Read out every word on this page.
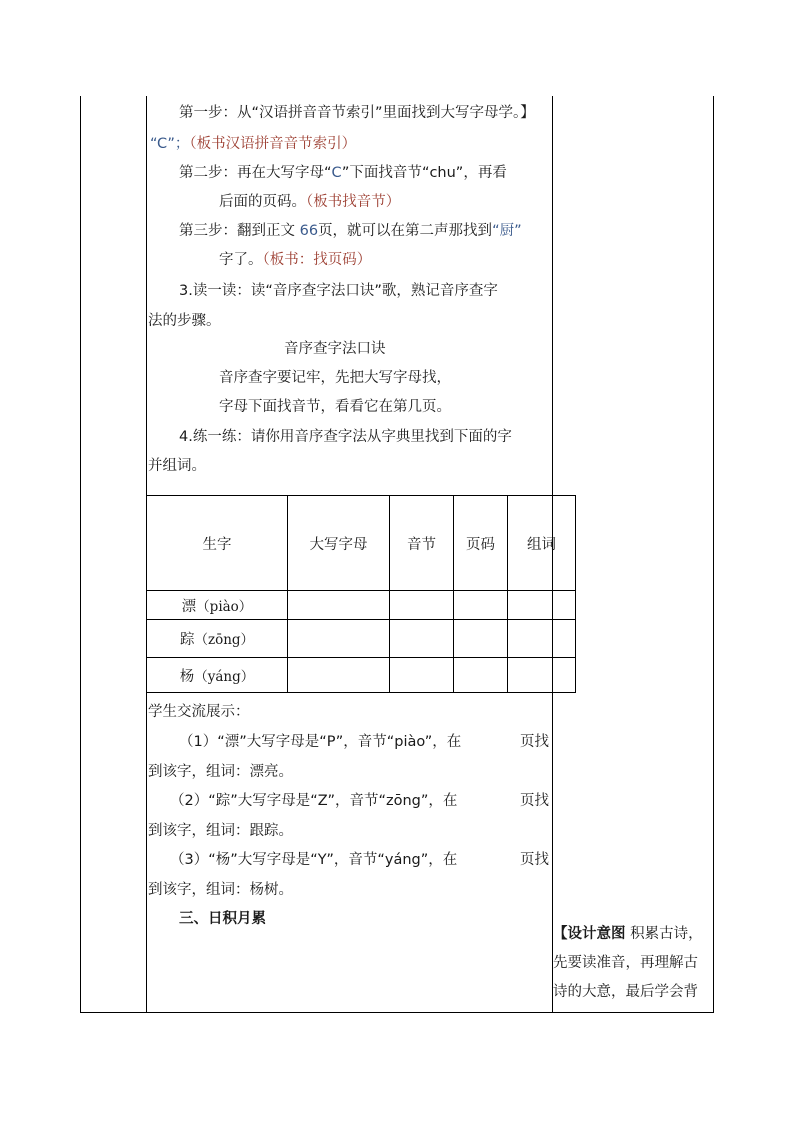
第一步：从“汉语拼音音节索引”里面找到大写字母学。】
“C”；（板书汉语拼音音节索引）
第二步：再在大写字母“C”下面找音节“chu”，再看
后面的页码。（板书找音节）
第三步：翻到正文 66页，就可以在第二声那找到“厨”
字了。（板书：找页码）
3.读一读：读“音序查字法口诀”歌，熟记音序查字
法的步骤。
音序查字法口诀
音序查字要记牢，先把大写字母找，
字母下面找音节，看看它在第几页。
4.练一练：请你用音序查字法从字典里找到下面的字
并组词。
生字	大写字母	音节	页码	组词
漂（piào）				
踪（zōng）				
杨（yáng）				
学生交流展示：
（1）“漂”大写字母是“P”，音节“piào”，在	页找
到该字，组词：漂亮。
（2）“踪”大写字母是“Z”，音节“zōng”，在	页找
到该字，组词：跟踪。
（3）“杨”大写字母是“Y”，音节“yáng”，在	页找
到该字，组词：杨树。
三、日积月累
【设计意图 积累古诗，
先要读准音，再理解古
诗的大意，最后学会背
